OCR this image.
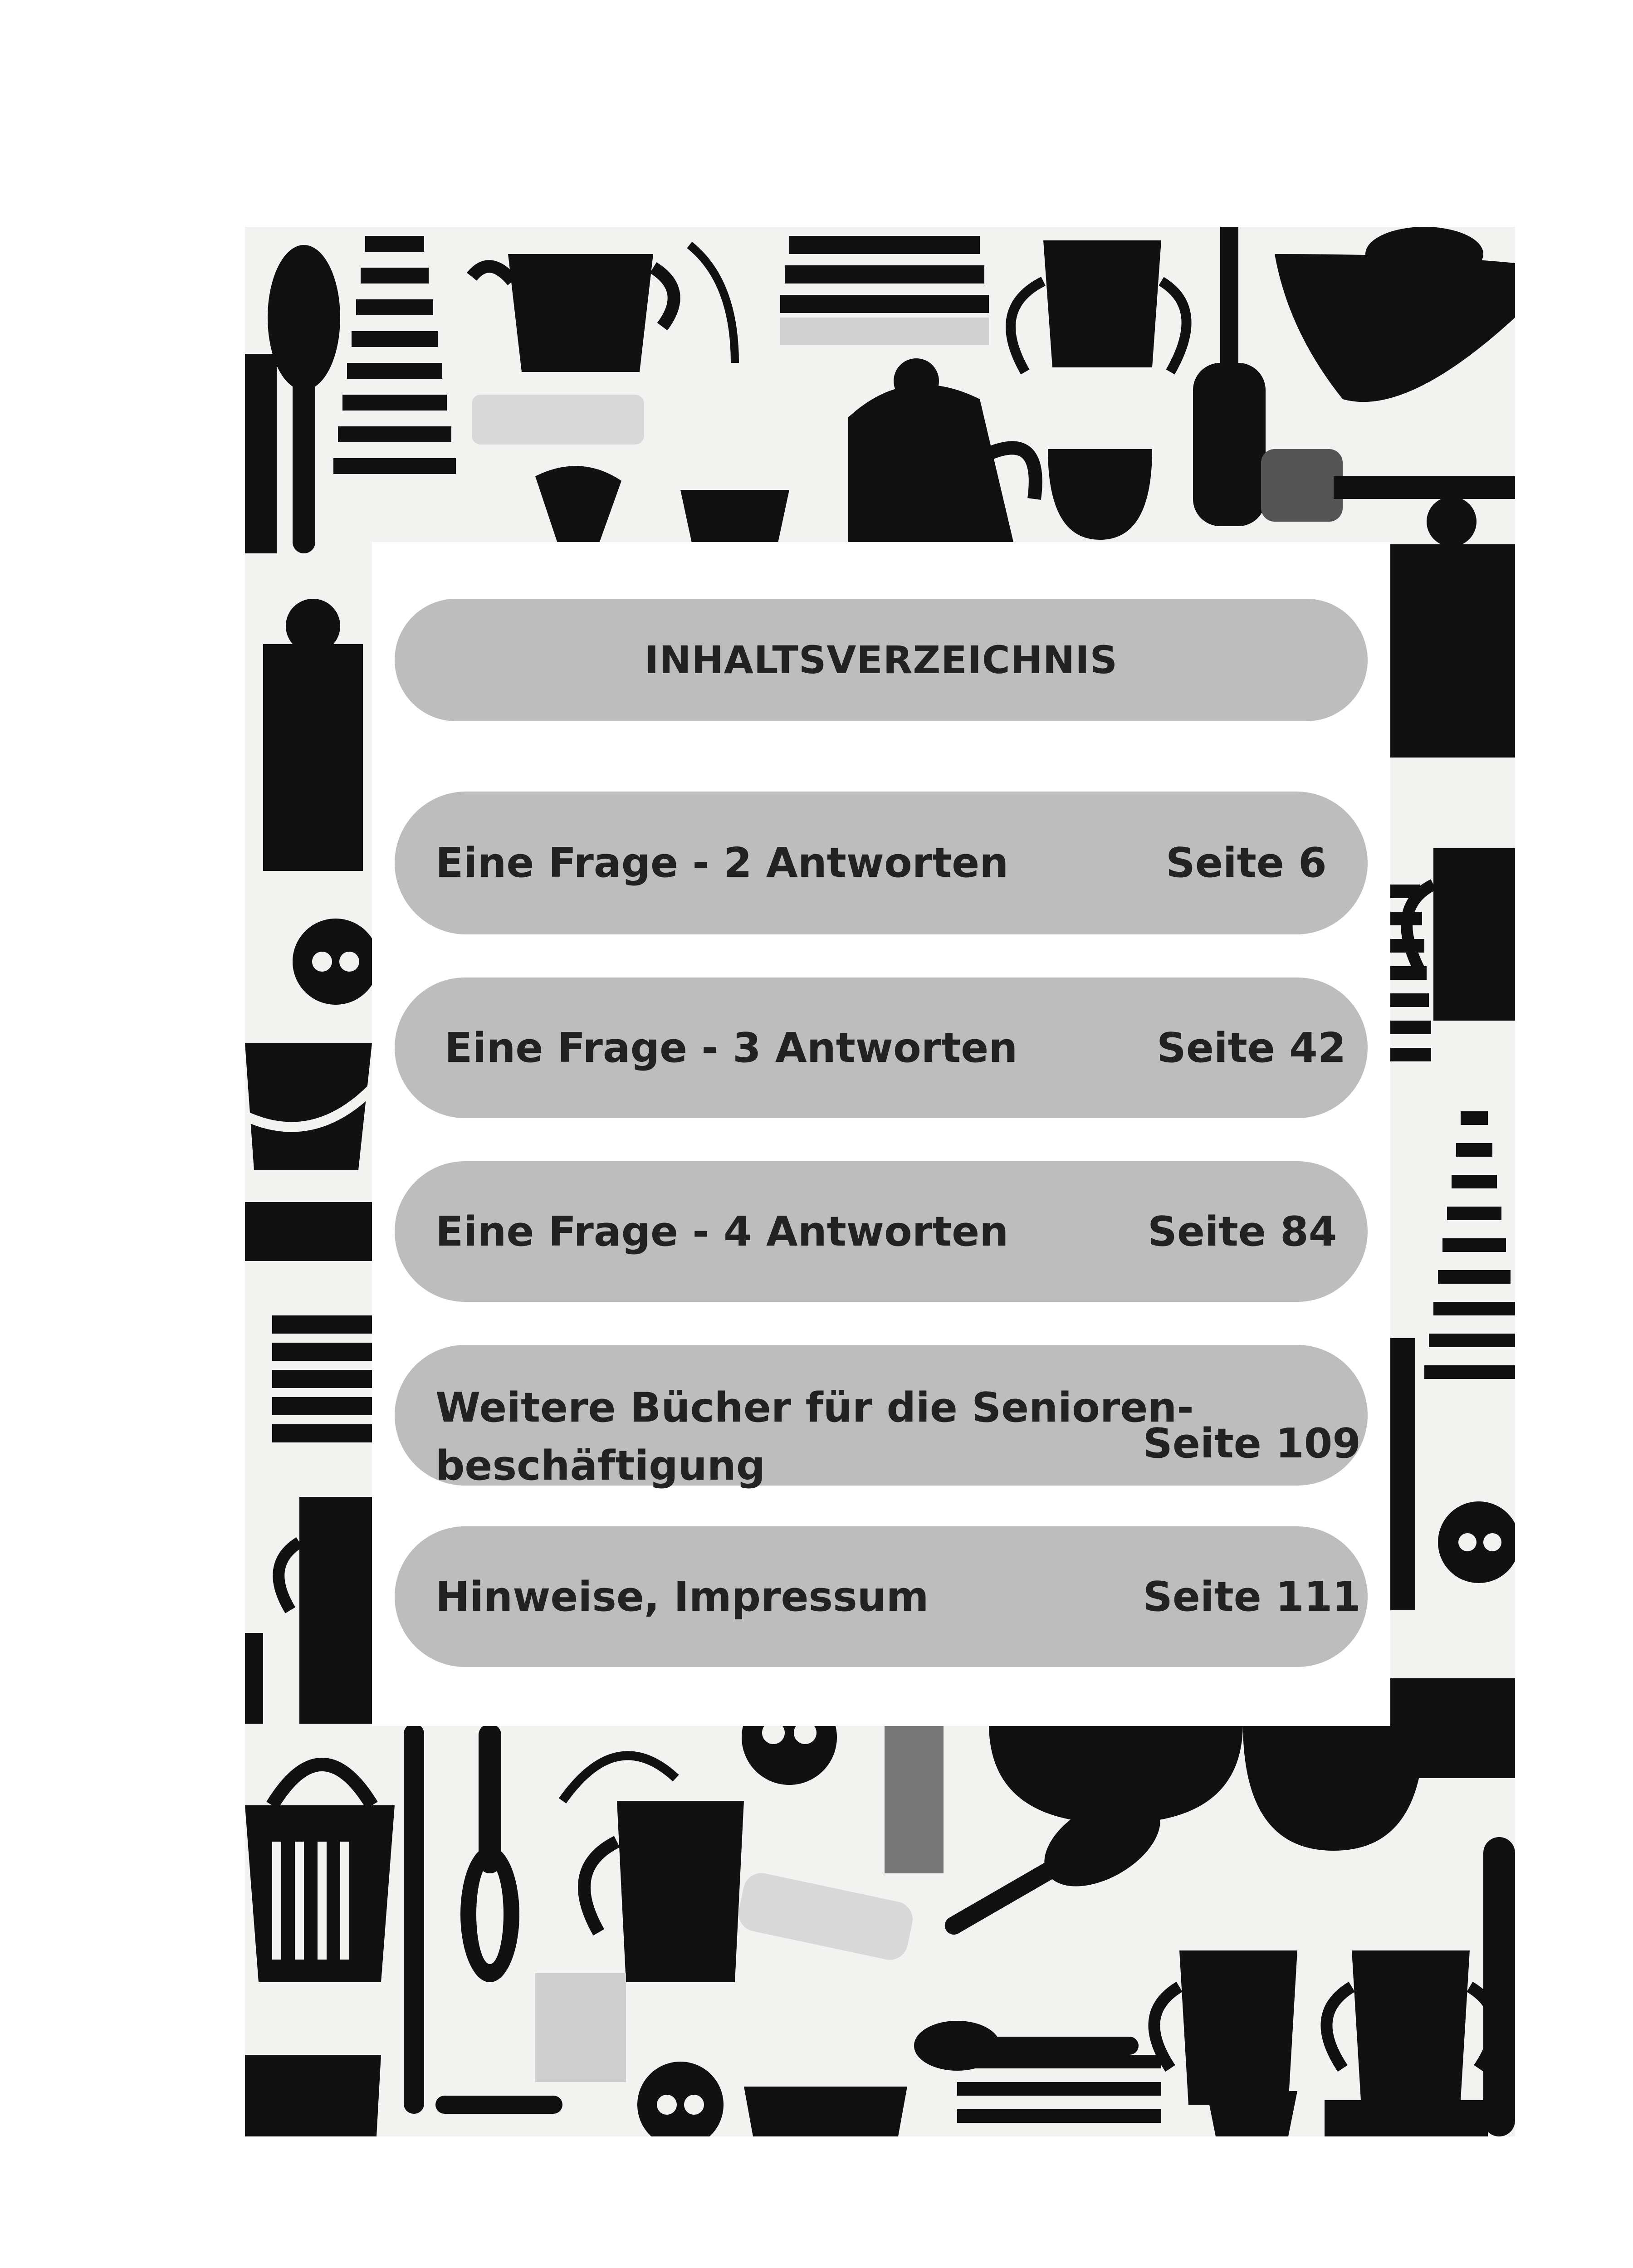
INHALTSVERZEICHNIS
Eine Frage - 2 Antworten	Seite 6
Eine Frage - 3 Antworten	Seite 42
Eine Frage - 4 Antworten	Seite 84
Weitere Bücher für die Senioren-
beschäftigung	Seite 109
Hinweise, Impressum	Seite 111
